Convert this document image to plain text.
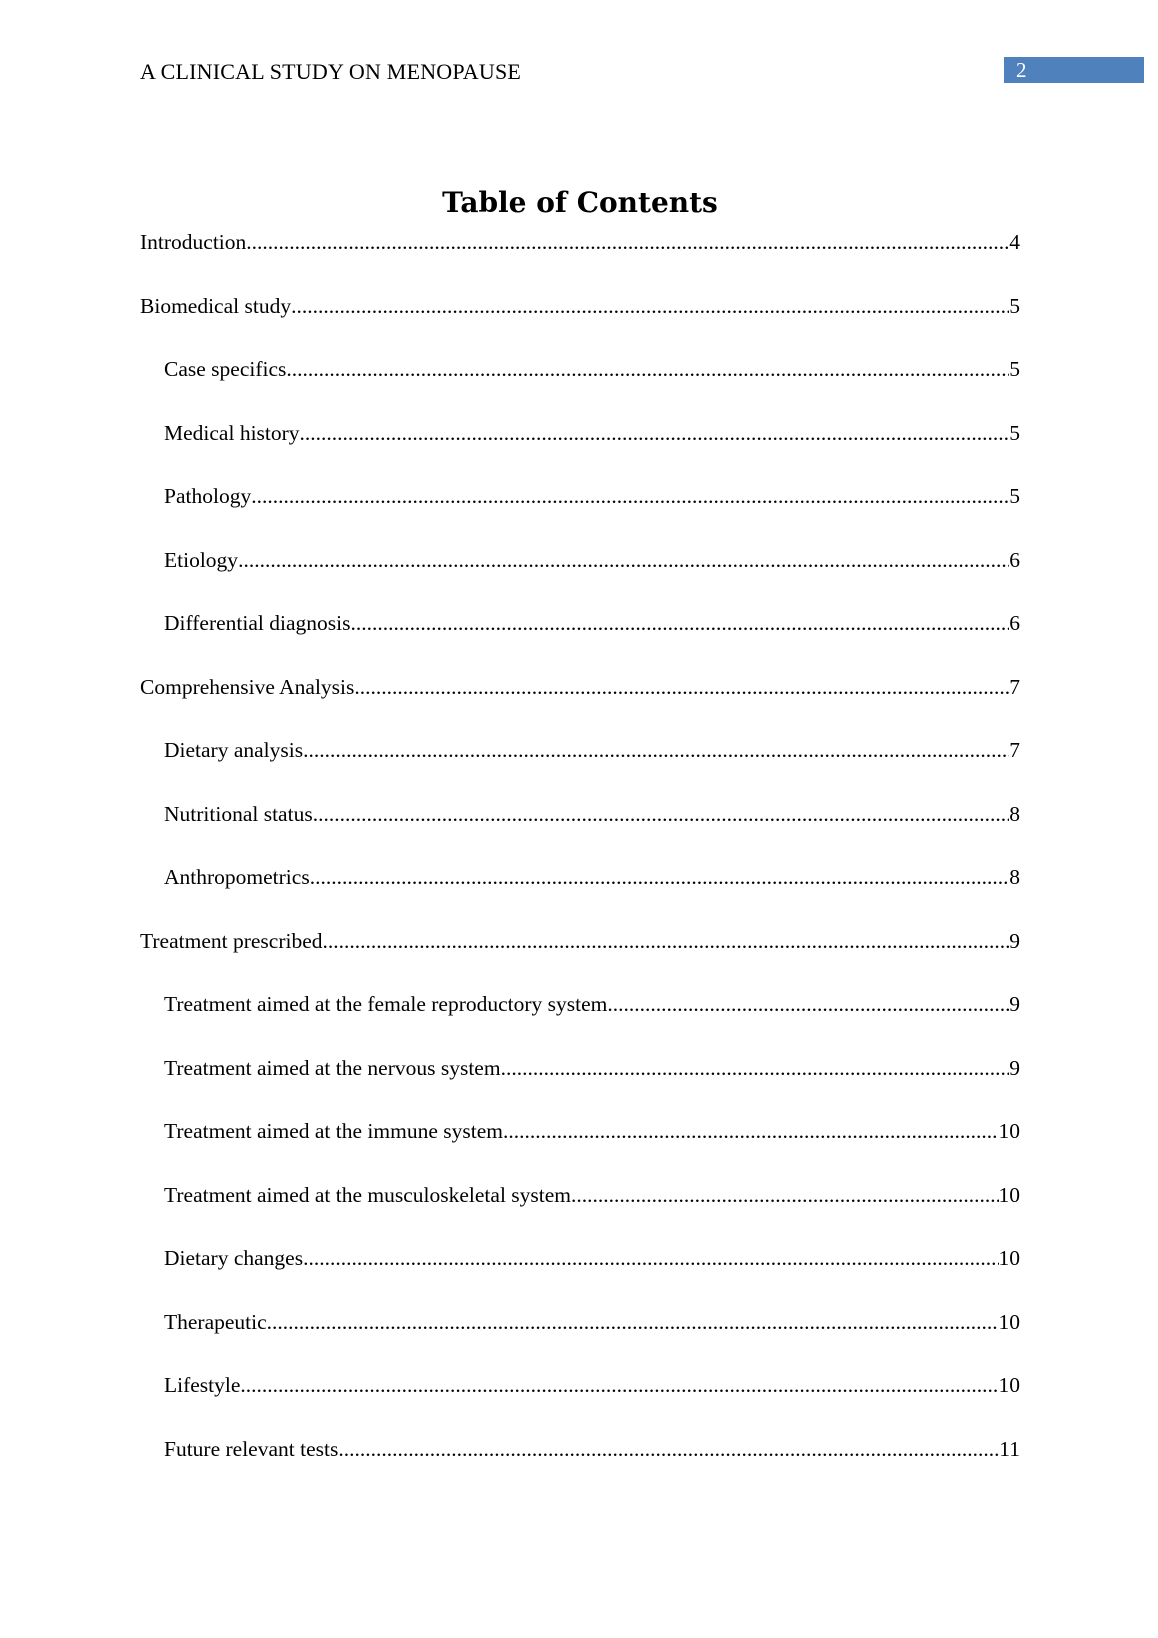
A CLINICAL STUDY ON MENOPAUSE	2
Table of Contents
Introduction .....	4
Biomedical study .....	5
Case specifics .....	5
Medical history .....	5
Pathology .....	5
Etiology .....	6
Differential diagnosis .....	6
Comprehensive Analysis .....	7
Dietary analysis .....	7
Nutritional status .....	8
Anthropometrics .....	8
Treatment prescribed .....	9
Treatment aimed at the female reproductory system .....	9
Treatment aimed at the nervous system .....	9
Treatment aimed at the immune system .....	10
Treatment aimed at the musculoskeletal system .....	10
Dietary changes .....	10
Therapeutic .....	10
Lifestyle .....	10
Future relevant tests .....	11
